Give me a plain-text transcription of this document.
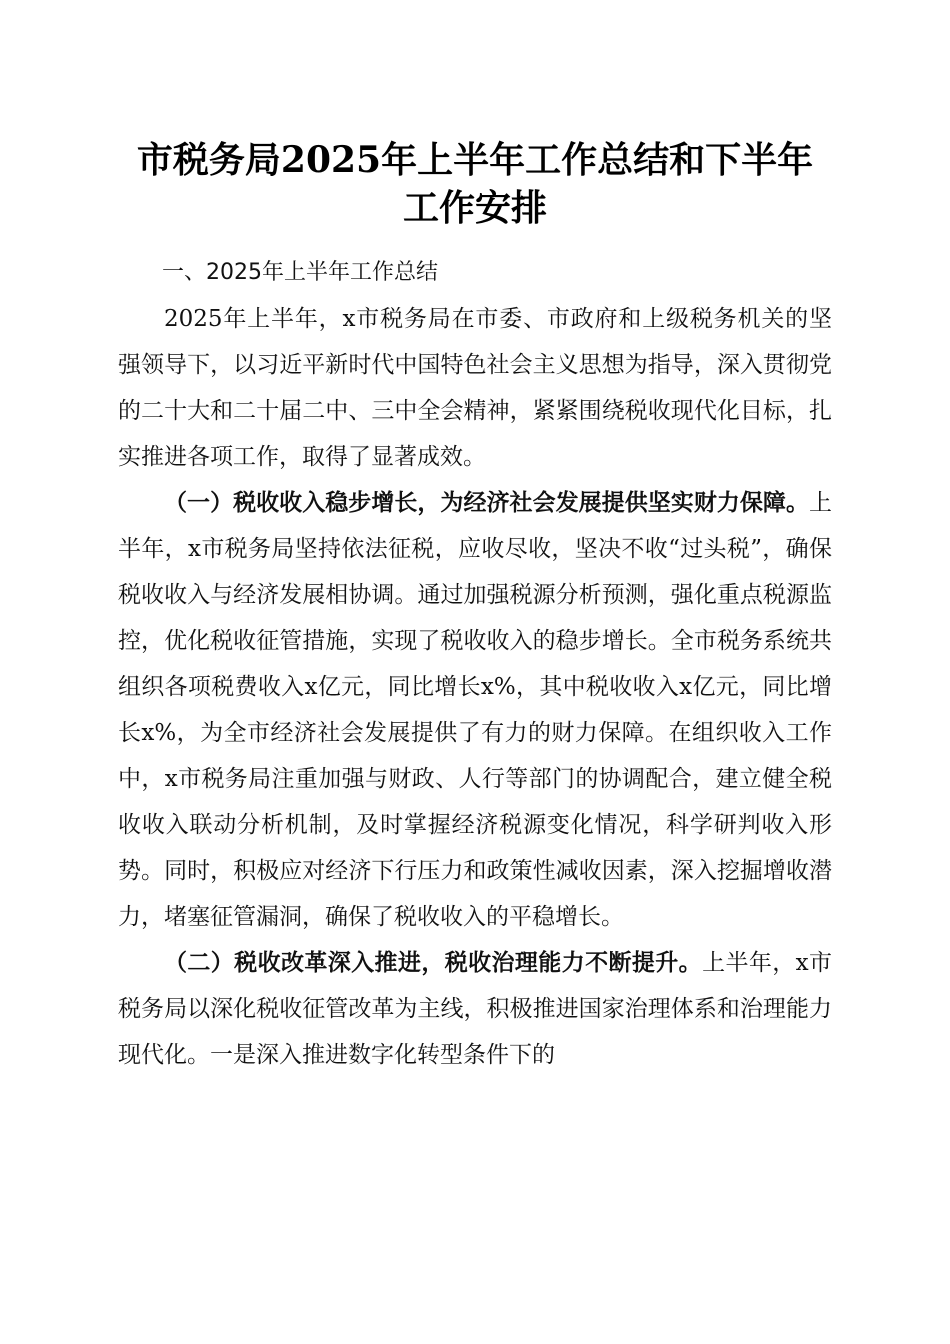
市税务局2025年上半年工作总结和下半年工作安排

一、2025年上半年工作总结

2025年上半年，x市税务局在市委、市政府和上级税务机关的坚强领导下，以习近平新时代中国特色社会主义思想为指导，深入贯彻党的二十大和二十届二中、三中全会精神，紧紧围绕税收现代化目标，扎实推进各项工作，取得了显著成效。

（一）税收收入稳步增长，为经济社会发展提供坚实财力保障。上半年，x市税务局坚持依法征税，应收尽收，坚决不收“过头税”，确保税收收入与经济发展相协调。通过加强税源分析预测，强化重点税源监控，优化税收征管措施，实现了税收收入的稳步增长。全市税务系统共组织各项税费收入x亿元，同比增长x%，其中税收收入x亿元，同比增长x%，为全市经济社会发展提供了有力的财力保障。在组织收入工作中，x市税务局注重加强与财政、人行等部门的协调配合，建立健全税收收入联动分析机制，及时掌握经济税源变化情况，科学研判收入形势。同时，积极应对经济下行压力和政策性减收因素，深入挖掘增收潜力，堵塞征管漏洞，确保了税收收入的平稳增长。

（二）税收改革深入推进，税收治理能力不断提升。上半年，x市税务局以深化税收征管改革为主线，积极推进国家治理体系和治理能力现代化。一是深入推进数字化转型条件下的
